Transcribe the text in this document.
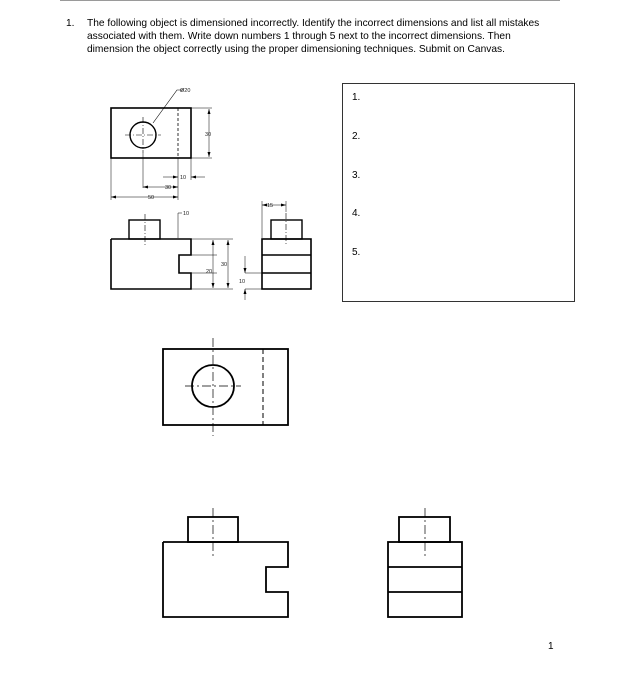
1. The following object is dimensioned incorrectly. Identify the incorrect dimensions and list all mistakes associated with them. Write down numbers 1 through 5 next to the incorrect dimensions. Then dimension the object correctly using the proper dimensioning techniques. Submit on Canvas.
1.
2.
3.
4.
5.
Ø20
30
10
30
50
10
15
30
20
10
1
